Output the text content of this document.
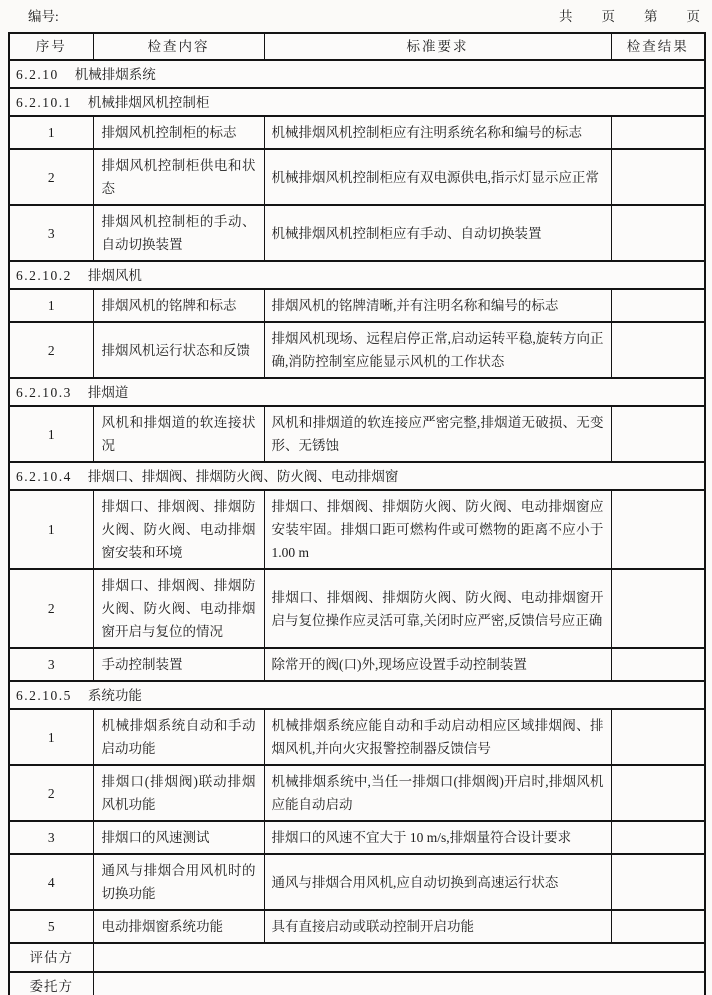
编号:	共 页 第 页
序号	检查内容	标准要求	检查结果
6.2.10 机械排烟系统			
6.2.10.1 机械排烟风机控制柜			
1	排烟风机控制柜的标志	机械排烟风机控制柜应有注明系统名称和编号的标志	
2	排烟风机控制柜供电和状态	机械排烟风机控制柜应有双电源供电,指示灯显示应正常	
3	排烟风机控制柜的手动、自动切换装置	机械排烟风机控制柜应有手动、自动切换装置	
6.2.10.2 排烟风机			
1	排烟风机的铭牌和标志	排烟风机的铭牌清晰,并有注明名称和编号的标志	
2	排烟风机运行状态和反馈	排烟风机现场、远程启停正常,启动运转平稳,旋转方向正确,消防控制室应能显示风机的工作状态	
6.2.10.3 排烟道			
1	风机和排烟道的软连接状况	风机和排烟道的软连接应严密完整,排烟道无破损、无变形、无锈蚀	
6.2.10.4 排烟口、排烟阀、排烟防火阀、防火阀、电动排烟窗			
1	排烟口、排烟阀、排烟防火阀、防火阀、电动排烟窗安装和环境	排烟口、排烟阀、排烟防火阀、防火阀、电动排烟窗应安装牢固。排烟口距可燃构件或可燃物的距离不应小于 1.00 m	
2	排烟口、排烟阀、排烟防火阀、防火阀、电动排烟窗开启与复位的情况	排烟口、排烟阀、排烟防火阀、防火阀、电动排烟窗开启与复位操作应灵活可靠,关闭时应严密,反馈信号应正确	
3	手动控制装置	除常开的阀(口)外,现场应设置手动控制装置	
6.2.10.5 系统功能			
1	机械排烟系统自动和手动启动功能	机械排烟系统应能自动和手动启动相应区域排烟阀、排烟风机,并向火灾报警控制器反馈信号	
2	排烟口(排烟阀)联动排烟风机功能	机械排烟系统中,当任一排烟口(排烟阀)开启时,排烟风机应能自动启动	
3	排烟口的风速测试	排烟口的风速不宜大于 10 m/s,排烟量符合设计要求	
4	通风与排烟合用风机时的切换功能	通风与排烟合用风机,应自动切换到高速运行状态	
5	电动排烟窗系统功能	具有直接启动或联动控制开启功能	
评估方			
委托方			
